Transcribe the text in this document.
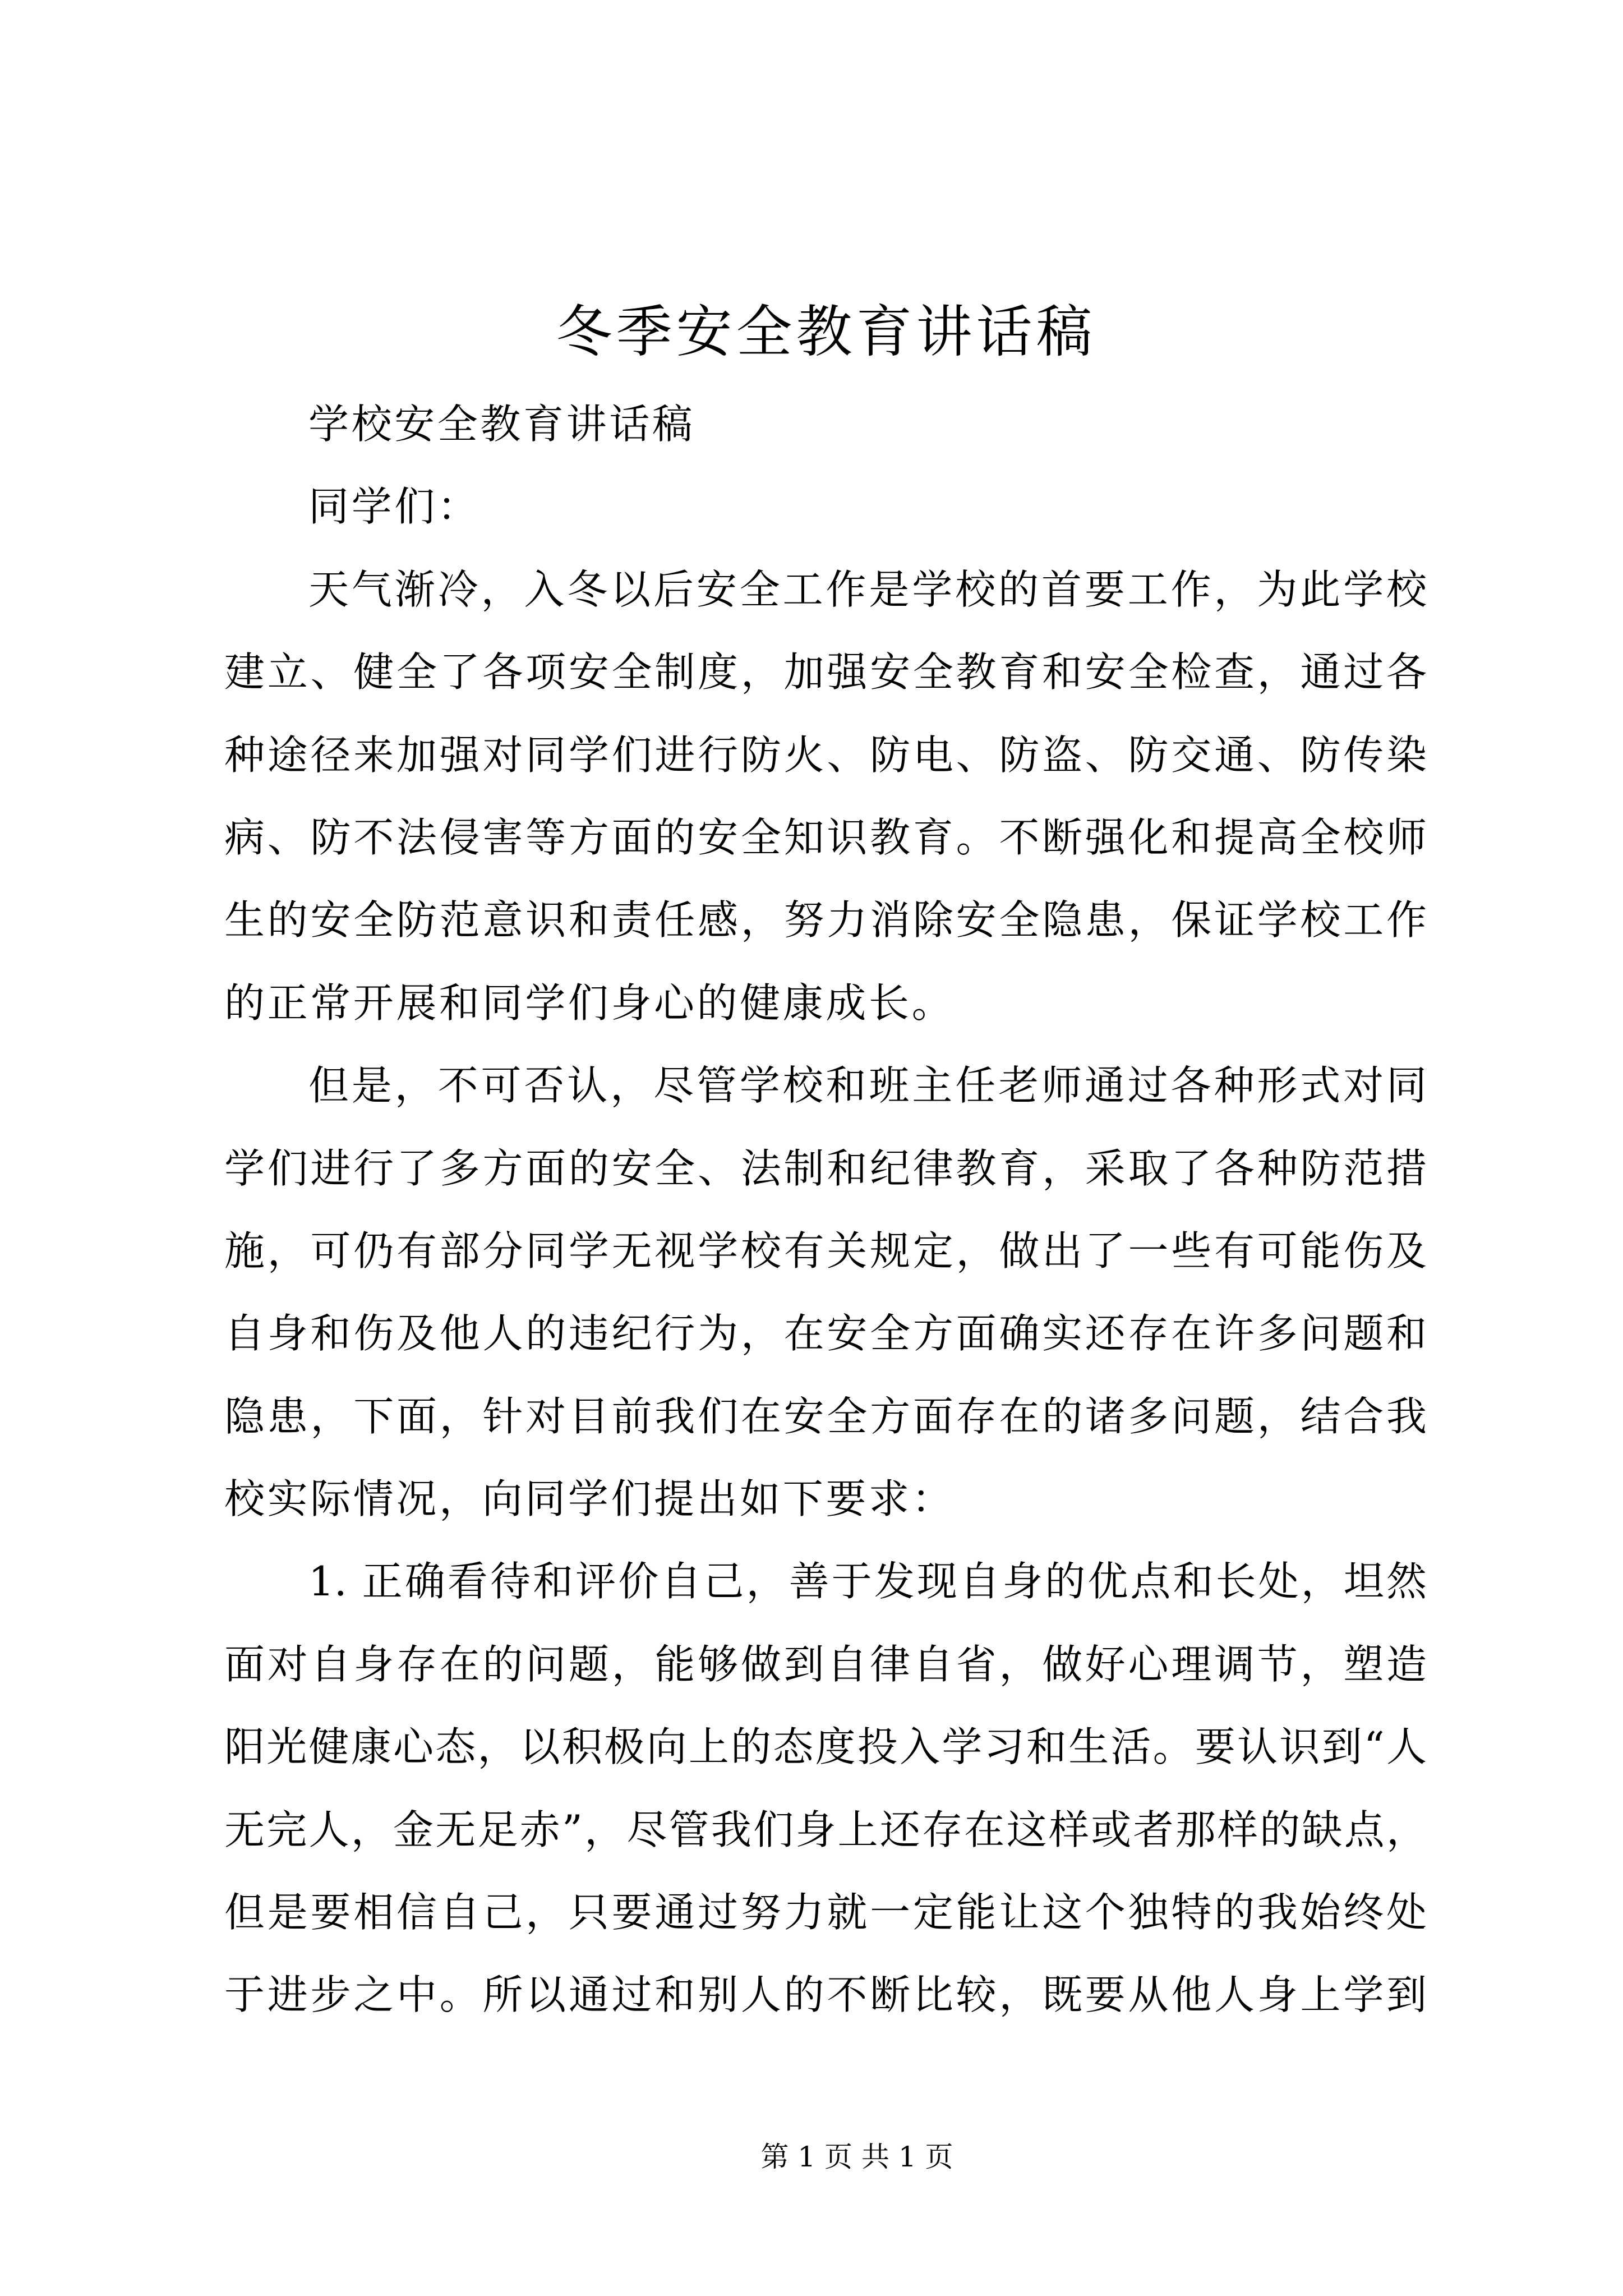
冬季安全教育讲话稿
学校安全教育讲话稿
同学们：
天气渐冷，入冬以后安全工作是学校的首要工作，为此学校
建立、健全了各项安全制度，加强安全教育和安全检查，通过各
种途径来加强对同学们进行防火、防电、防盗、防交通、防传染
病、防不法侵害等方面的安全知识教育。不断强化和提高全校师
生的安全防范意识和责任感，努力消除安全隐患，保证学校工作
的正常开展和同学们身心的健康成长。
但是，不可否认，尽管学校和班主任老师通过各种形式对同
学们进行了多方面的安全、法制和纪律教育，采取了各种防范措
施，可仍有部分同学无视学校有关规定，做出了一些有可能伤及
自身和伤及他人的违纪行为，在安全方面确实还存在许多问题和
隐患，下面，针对目前我们在安全方面存在的诸多问题，结合我
校实际情况，向同学们提出如下要求：
1. 正确看待和评价自己，善于发现自身的优点和长处，坦然
面对自身存在的问题，能够做到自律自省，做好心理调节，塑造
阳光健康心态，以积极向上的态度投入学习和生活。要认识到“人
无完人，金无足赤”，尽管我们身上还存在这样或者那样的缺点，
但是要相信自己，只要通过努力就一定能让这个独特的我始终处
于进步之中。所以通过和别人的不断比较，既要从他人身上学到
第 1 页 共 1 页
